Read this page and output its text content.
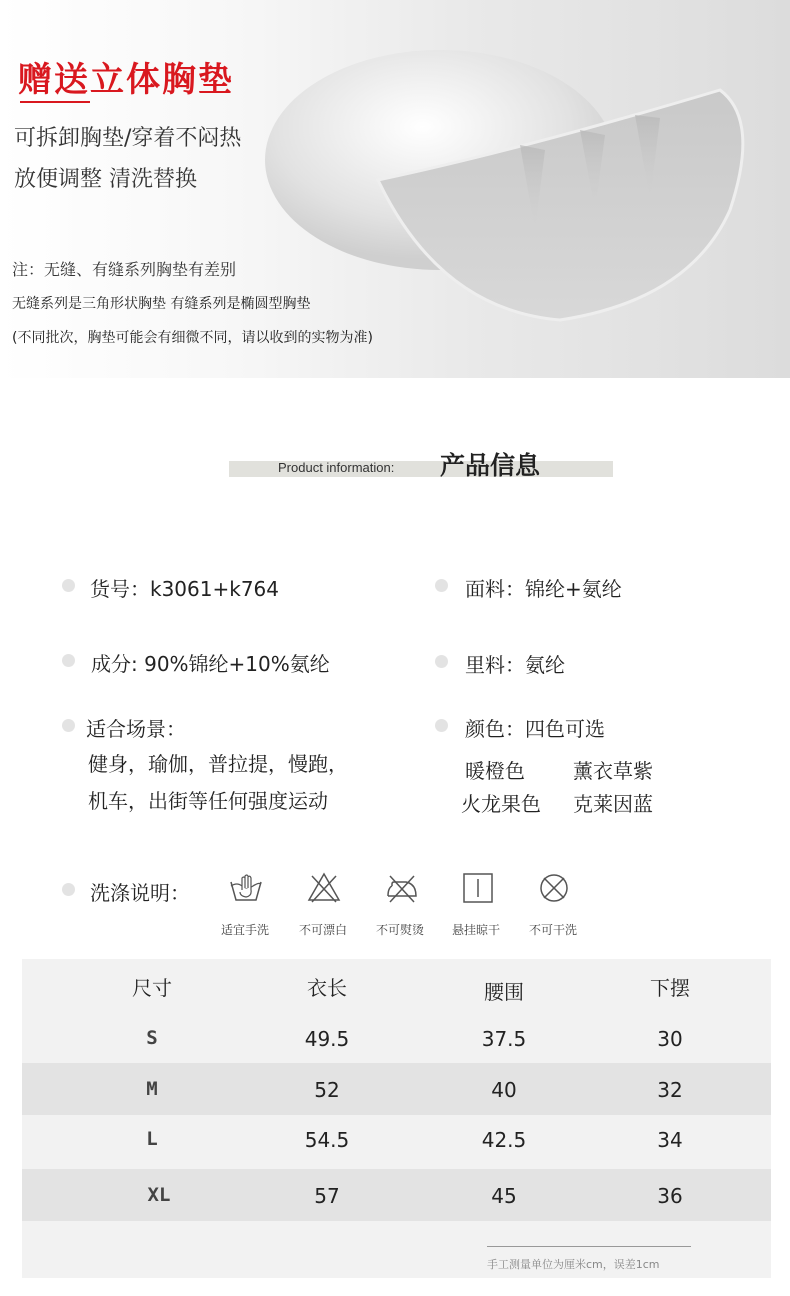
赠送立体胸垫
可拆卸胸垫/穿着不闷热
放便调整 清洗替换
注：无缝、有缝系列胸垫有差别
无缝系列是三角形状胸垫 有缝系列是椭圆型胸垫
(不同批次，胸垫可能会有细微不同，请以收到的实物为准)
Product information: 产品信息
货号：k3061+k764	面料：锦纶+氨纶
成分: 90%锦纶+10%氨纶	里料：氨纶
适合场景：
健身，瑜伽，普拉提，慢跑，
机车，出街等任何强度运动
颜色：四色可选
暖橙色 薰衣草紫
火龙果色 克莱因蓝
洗涤说明：
适宜手洗 不可漂白 不可熨烫 悬挂晾干 不可干洗
尺寸	衣长	腰围	下摆
S	49.5	37.5	30
M	52	40	32
L	54.5	42.5	34
XL	57	45	36
手工测量单位为厘米cm，误差1cm
